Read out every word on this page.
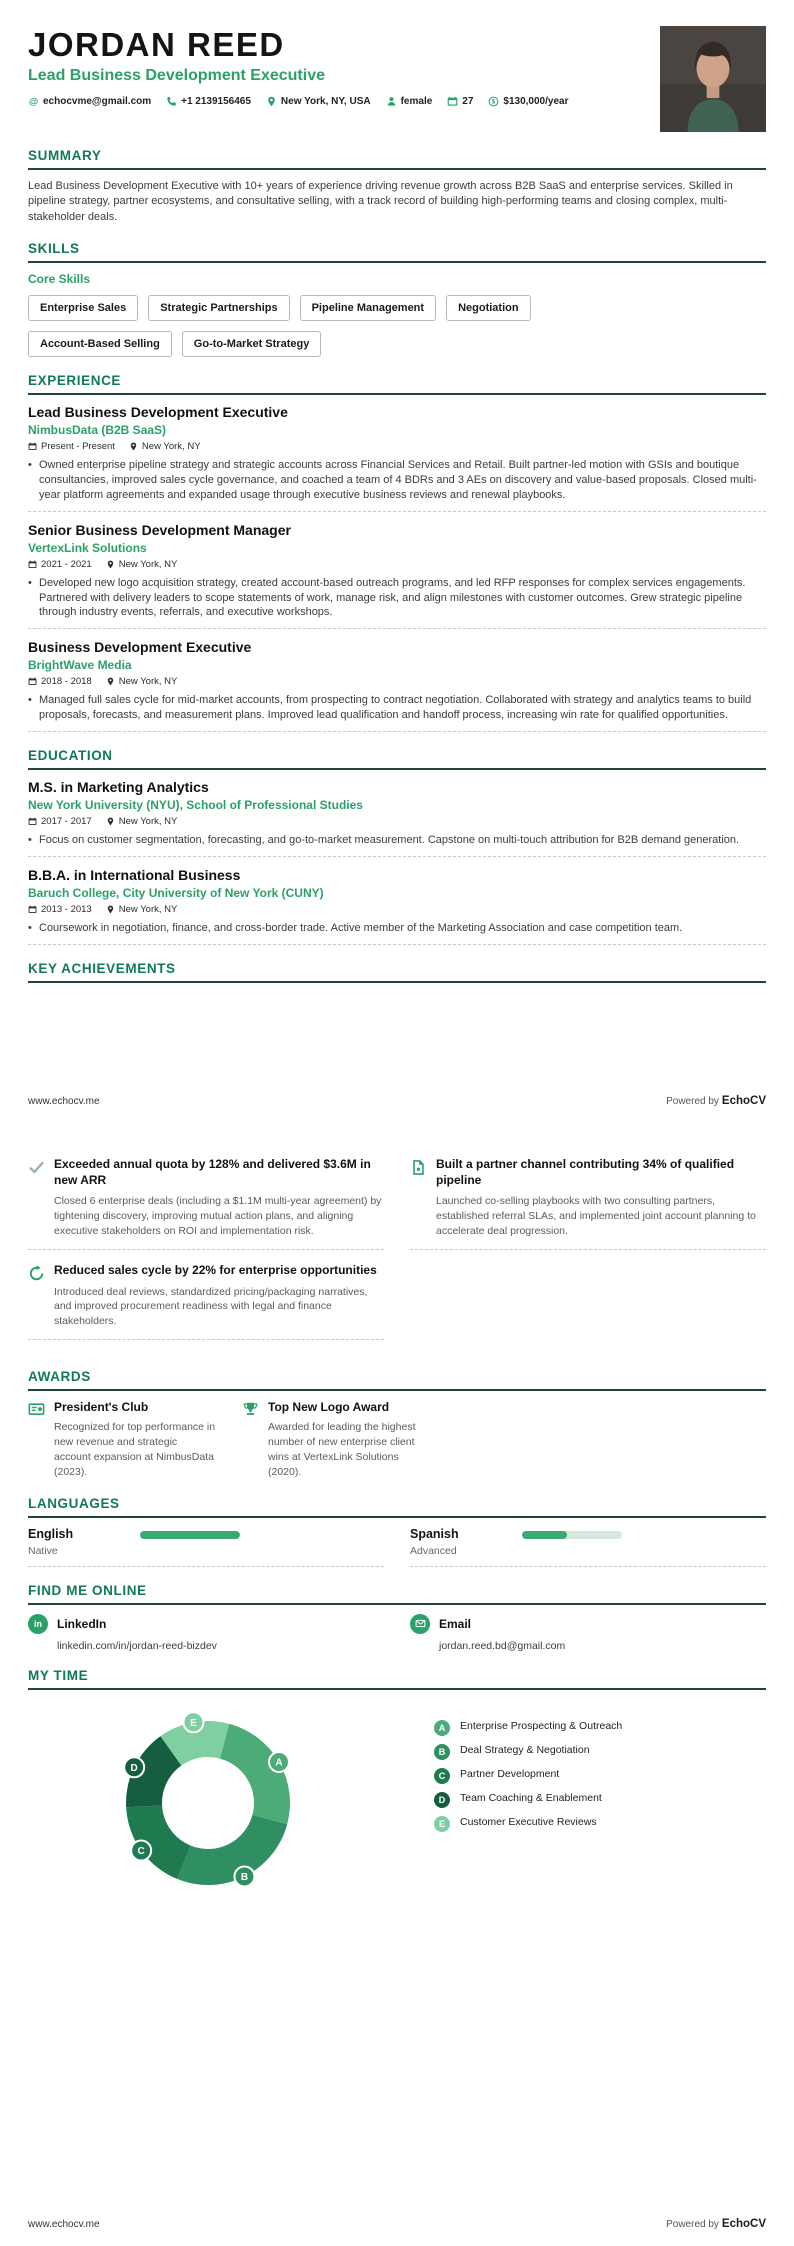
JORDAN REED
Lead Business Development Executive
echocvme@gmail.com	+1 2139156465	New York, NY, USA	female	27	$130,000/year
SUMMARY

Lead Business Development Executive with 10+ years of experience driving revenue growth across B2B SaaS and enterprise services. Skilled in pipeline strategy, partner ecosystems, and consultative selling, with a track record of building high-performing teams and closing complex, multi-stakeholder deals.

SKILLS
Core Skills
Enterprise Sales	Strategic Partnerships	Pipeline Management	Negotiation
Account-Based Selling	Go-to-Market Strategy
EXPERIENCE
Lead Business Development Executive
NimbusData (B2B SaaS)
Present - Present	New York, NY
• Owned enterprise pipeline strategy and strategic accounts across Financial Services and Retail. Built partner-led motion with GSIs and boutique consultancies, improved sales cycle governance, and coached a team of 4 BDRs and 3 AEs on discovery and value-based proposals. Closed multi-year platform agreements and expanded usage through executive business reviews and renewal playbooks.
Senior Business Development Manager
VertexLink Solutions
2021 - 2021	New York, NY
• Developed new logo acquisition strategy, created account-based outreach programs, and led RFP responses for complex services engagements. Partnered with delivery leaders to scope statements of work, manage risk, and align milestones with customer outcomes. Grew strategic pipeline through industry events, referrals, and executive workshops.
Business Development Executive
BrightWave Media
2018 - 2018	New York, NY
• Managed full sales cycle for mid-market accounts, from prospecting to contract negotiation. Collaborated with strategy and analytics teams to build proposals, forecasts, and measurement plans. Improved lead qualification and handoff process, increasing win rate for qualified opportunities.
EDUCATION
M.S. in Marketing Analytics
New York University (NYU), School of Professional Studies
2017 - 2017	New York, NY
• Focus on customer segmentation, forecasting, and go-to-market measurement. Capstone on multi-touch attribution for B2B demand generation.
B.B.A. in International Business
Baruch College, City University of New York (CUNY)
2013 - 2013	New York, NY
• Coursework in negotiation, finance, and cross-border trade. Active member of the Marketing Association and case competition team.
KEY ACHIEVEMENTS
www.echocv.me	Powered by EchoCV
Exceeded annual quota by 128% and delivered $3.6M in new ARR
Closed 6 enterprise deals (including a $1.1M multi-year agreement) by tightening discovery, improving mutual action plans, and aligning executive stakeholders on ROI and implementation risk.
Reduced sales cycle by 22% for enterprise opportunities
Introduced deal reviews, standardized pricing/packaging narratives, and improved procurement readiness with legal and finance stakeholders.
Built a partner channel contributing 34% of qualified pipeline
Launched co-selling playbooks with two consulting partners, established referral SLAs, and implemented joint account planning to accelerate deal progression.
AWARDS
President's Club
Recognized for top performance in new revenue and strategic account expansion at NimbusData (2023).
Top New Logo Award
Awarded for leading the highest number of new enterprise client wins at VertexLink Solutions (2020).
LANGUAGES
English
Native
Spanish
Advanced
FIND ME ONLINE
in	LinkedIn
linkedin.com/in/jordan-reed-bizdev
Email
jordan.reed.bd@gmail.com
MY TIME
A
B
C
D
E	A	Enterprise Prospecting & Outreach
B	Deal Strategy & Negotiation
C	Partner Development
D	Team Coaching & Enablement
E	Customer Executive Reviews
www.echocv.me	Powered by EchoCV
